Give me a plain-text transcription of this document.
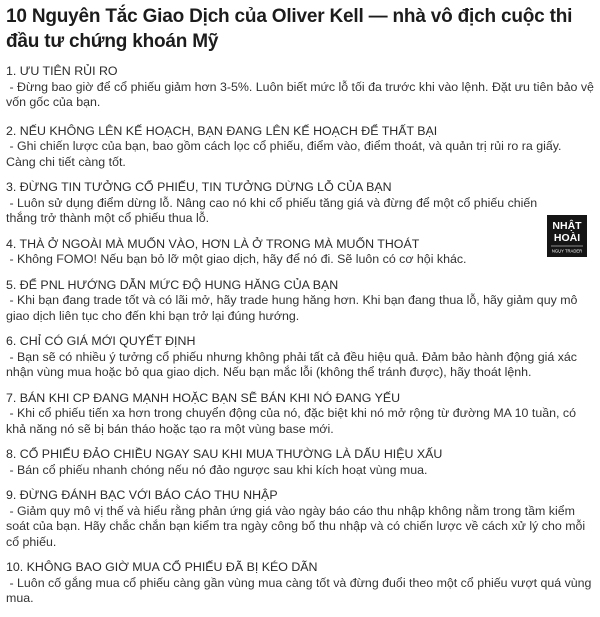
10 Nguyên Tắc Giao Dịch của Oliver Kell — nhà vô địch cuộc thi đầu tư chứng khoán Mỹ
1. ƯU TIÊN RỦI RO
- Đừng bao giờ để cổ phiếu giảm hơn 3-5%. Luôn biết mức lỗ tối đa trước khi vào lệnh. Đặt ưu tiên bảo vệ vốn gốc của bạn.
2. NẾU KHÔNG LÊN KẾ HOẠCH, BẠN ĐANG LÊN KẾ HOẠCH ĐỂ THẤT BẠI
- Ghi chiến lược của bạn, bao gồm cách lọc cổ phiếu, điểm vào, điểm thoát, và quản trị rủi ro ra giấy. Càng chi tiết càng tốt.
3. ĐỪNG TIN TƯỞNG CỔ PHIẾU, TIN TƯỞNG DỪNG LỖ CỦA BẠN
- Luôn sử dụng điểm dừng lỗ. Nâng cao nó khi cổ phiếu tăng giá và đừng để một cổ phiếu chiến thắng trở thành một cổ phiếu thua lỗ.
4. THÀ Ở NGOÀI MÀ MUỐN VÀO, HƠN LÀ Ở TRONG MÀ MUỐN THOÁT
- Không FOMO! Nếu bạn bỏ lỡ một giao dịch, hãy để nó đi. Sẽ luôn có cơ hội khác.
5. ĐỂ PNL HƯỚNG DẪN MỨC ĐỘ HUNG HĂNG CỦA BẠN
- Khi bạn đang trade tốt và có lãi mở, hãy trade hung hăng hơn. Khi bạn đang thua lỗ, hãy giảm quy mô giao dịch liên tục cho đến khi bạn trở lại đúng hướng.
6. CHỈ CÓ GIÁ MỚI QUYẾT ĐỊNH
- Bạn sẽ có nhiều ý tưởng cổ phiếu nhưng không phải tất cả đều hiệu quả. Đảm bảo hành động giá xác nhận vùng mua hoặc bỏ qua giao dịch. Nếu bạn mắc lỗi (không thể tránh được), hãy thoát lệnh.
7. BÁN KHI CP ĐANG MẠNH HOẶC BẠN SẼ BÁN KHI NÓ ĐANG YẾU
- Khi cổ phiếu tiến xa hơn trong chuyển động của nó, đặc biệt khi nó mở rộng từ đường MA 10 tuần, có khả năng nó sẽ bị bán tháo hoặc tạo ra một vùng base mới.
8. CỔ PHIẾU ĐẢO CHIỀU NGAY SAU KHI MUA THƯỜNG LÀ DẤU HIỆU XẤU
- Bán cổ phiếu nhanh chóng nếu nó đảo ngược sau khi kích hoạt vùng mua.
9. ĐỪNG ĐÁNH BẠC VỚI BÁO CÁO THU NHẬP
- Giảm quy mô vị thế và hiểu rằng phản ứng giá vào ngày báo cáo thu nhập không nằm trong tầm kiểm soát của bạn. Hãy chắc chắn bạn kiểm tra ngày công bố thu nhập và có chiến lược về cách xử lý cho mỗi cổ phiếu.
10. KHÔNG BAO GIỜ MUA CỔ PHIẾU ĐÃ BỊ KÉO DÃN
- Luôn cố gắng mua cổ phiếu càng gần vùng mua càng tốt và đừng đuổi theo một cổ phiếu vượt quá vùng mua.
NHẬT
HOÀI
NGỤY TRADER
